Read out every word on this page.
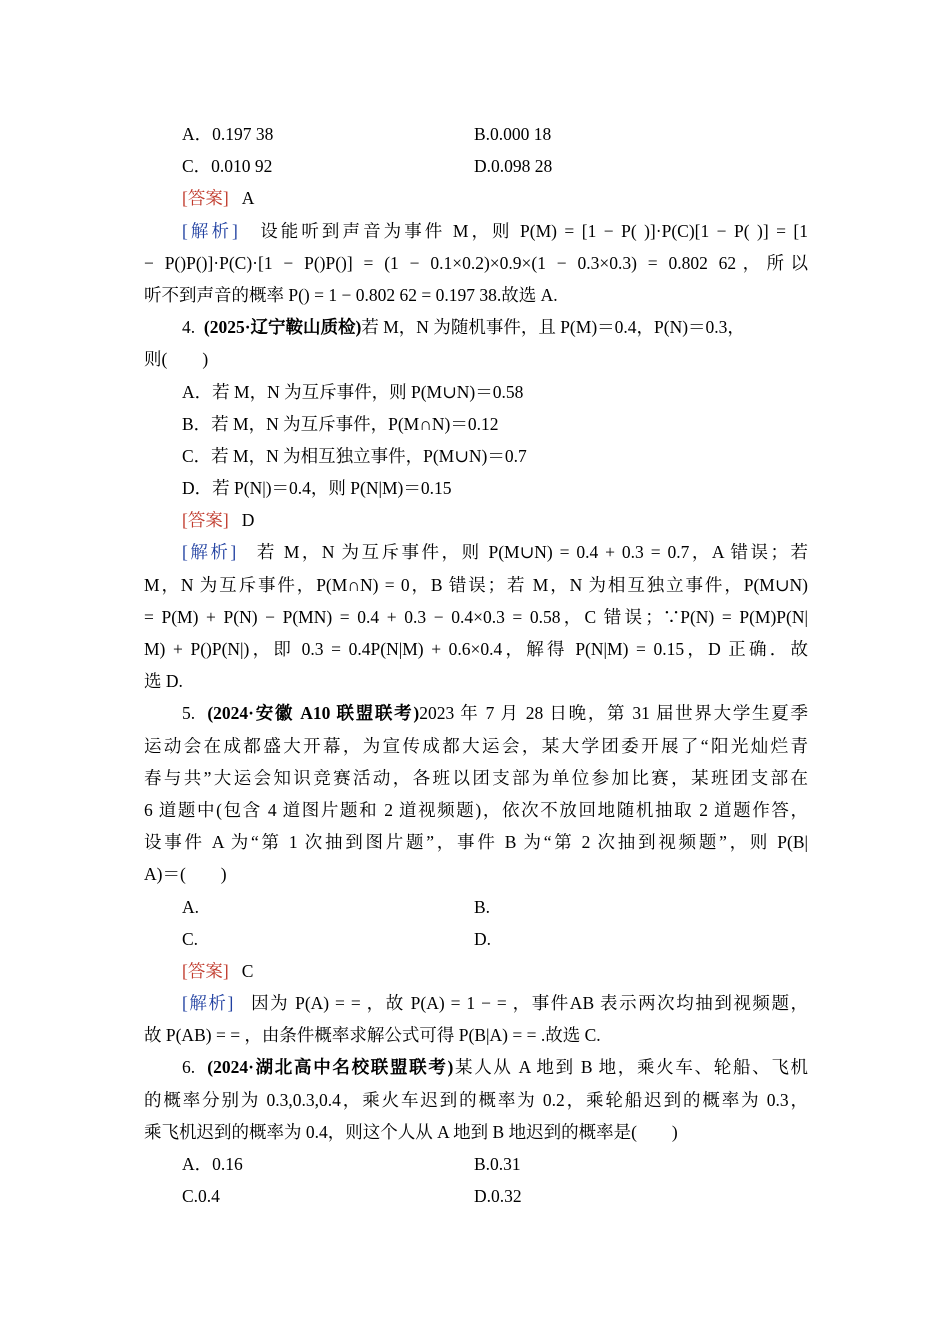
A．0.197 38	B.0.000 18
C．0.010 92	D.0.098 28
[答案] A
[解析] 设能听到声音为事件 M，则 P(M) = [1 − P( )]·P(C)[1 − P( )] = [1
− P()P()]·P(C)·[1 − P()P()] = (1 − 0.1×0.2)×0.9×(1 − 0.3×0.3) = 0.802 62，所以
听不到声音的概率 P() = 1 − 0.802 62 = 0.197 38.故选 A.
4. (2025·辽宁鞍山质检)若 M，N 为随机事件，且 P(M)＝0.4，P(N)＝0.3，
则(　　)
A．若 M，N 为互斥事件，则 P(M∪N)＝0.58
B．若 M，N 为互斥事件，P(M∩N)＝0.12
C．若 M，N 为相互独立事件，P(M∪N)＝0.7
D．若 P(N|)＝0.4，则 P(N|M)＝0.15
[答案] D
[解析] 若 M，N 为互斥事件，则 P(M∪N) = 0.4 + 0.3 = 0.7，A 错误；若
M，N 为互斥事件，P(M∩N) = 0，B 错误；若 M，N 为相互独立事件，P(M∪N)
= P(M) + P(N) − P(MN) = 0.4 + 0.3 − 0.4×0.3 = 0.58，C 错误；∵P(N) = P(M)P(N|
M) + P()P(N|)，即 0.3 = 0.4P(N|M) + 0.6×0.4，解得 P(N|M) = 0.15，D 正确．故
选 D.
5. (2024·安徽 A10 联盟联考)2023 年 7 月 28 日晚，第 31 届世界大学生夏季
运动会在成都盛大开幕，为宣传成都大运会，某大学团委开展了“阳光灿烂青
春与共”大运会知识竞赛活动，各班以团支部为单位参加比赛，某班团支部在
6 道题中(包含 4 道图片题和 2 道视频题)，依次不放回地随机抽取 2 道题作答，
设事件 A 为“第 1 次抽到图片题”，事件 B 为“第 2 次抽到视频题”，则 P(B|
A)＝(　　)
A.	B.
C.	D.
[答案] C
[解析] 因为 P(A) = = ，故 P(A) = 1 − = ，事件AB 表示两次均抽到视频题，
故 P(AB) = = ，由条件概率求解公式可得 P(B|A) = = .故选 C.
6. (2024·湖北高中名校联盟联考)某人从 A 地到 B 地，乘火车、轮船、飞机
的概率分别为 0.3,0.3,0.4，乘火车迟到的概率为 0.2，乘轮船迟到的概率为 0.3，
乘飞机迟到的概率为 0.4，则这个人从 A 地到 B 地迟到的概率是(　　)
A．0.16	B.0.31
C.0.4	D.0.32
